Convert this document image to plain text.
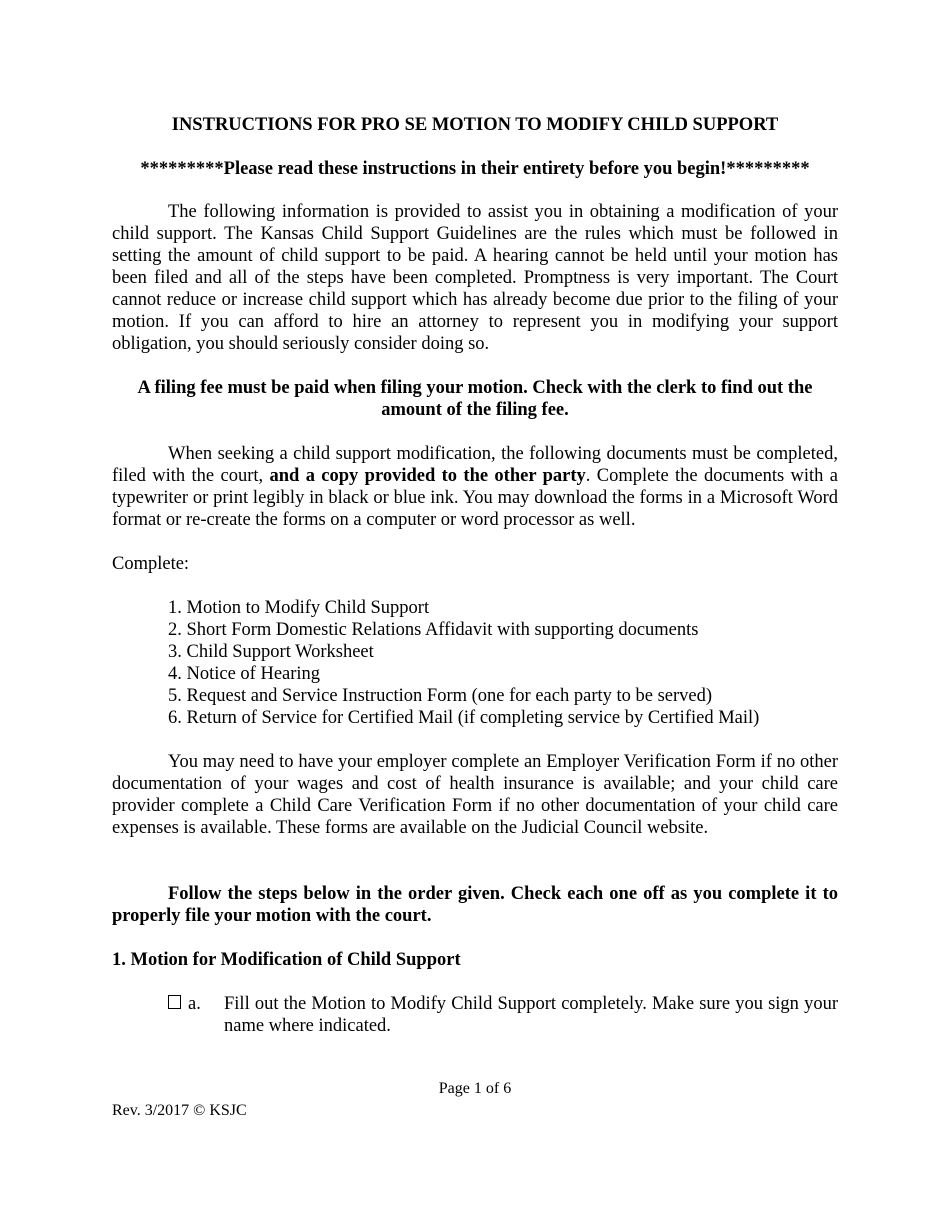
INSTRUCTIONS FOR PRO SE MOTION TO MODIFY CHILD SUPPORT
*********Please read these instructions in their entirety before you begin!*********

The following information is provided to assist you in obtaining a modification of your child support. The Kansas Child Support Guidelines are the rules which must be followed in setting the amount of child support to be paid. A hearing cannot be held until your motion has been filed and all of the steps have been completed. Promptness is very important. The Court cannot reduce or increase child support which has already become due prior to the filing of your motion. If you can afford to hire an attorney to represent you in modifying your support obligation, you should seriously consider doing so.

A filing fee must be paid when filing your motion. Check with the clerk to find out the amount of the filing fee.

When seeking a child support modification, the following documents must be completed, filed with the court, and a copy provided to the other party. Complete the documents with a typewriter or print legibly in black or blue ink. You may download the forms in a Microsoft Word format or re-create the forms on a computer or word processor as well.

Complete:
1. Motion to Modify Child Support
2. Short Form Domestic Relations Affidavit with supporting documents
3. Child Support Worksheet
4. Notice of Hearing
5. Request and Service Instruction Form (one for each party to be served)
6. Return of Service for Certified Mail (if completing service by Certified Mail)

You may need to have your employer complete an Employer Verification Form if no other documentation of your wages and cost of health insurance is available; and your child care provider complete a Child Care Verification Form if no other documentation of your child care expenses is available. These forms are available on the Judicial Council website.

Follow the steps below in the order given. Check each one off as you complete it to properly file your motion with the court.

1. Motion for Modification of Child Support
a. Fill out the Motion to Modify Child Support completely. Make sure you sign your name where indicated.
Page 1 of 6
Rev. 3/2017 © KSJC
